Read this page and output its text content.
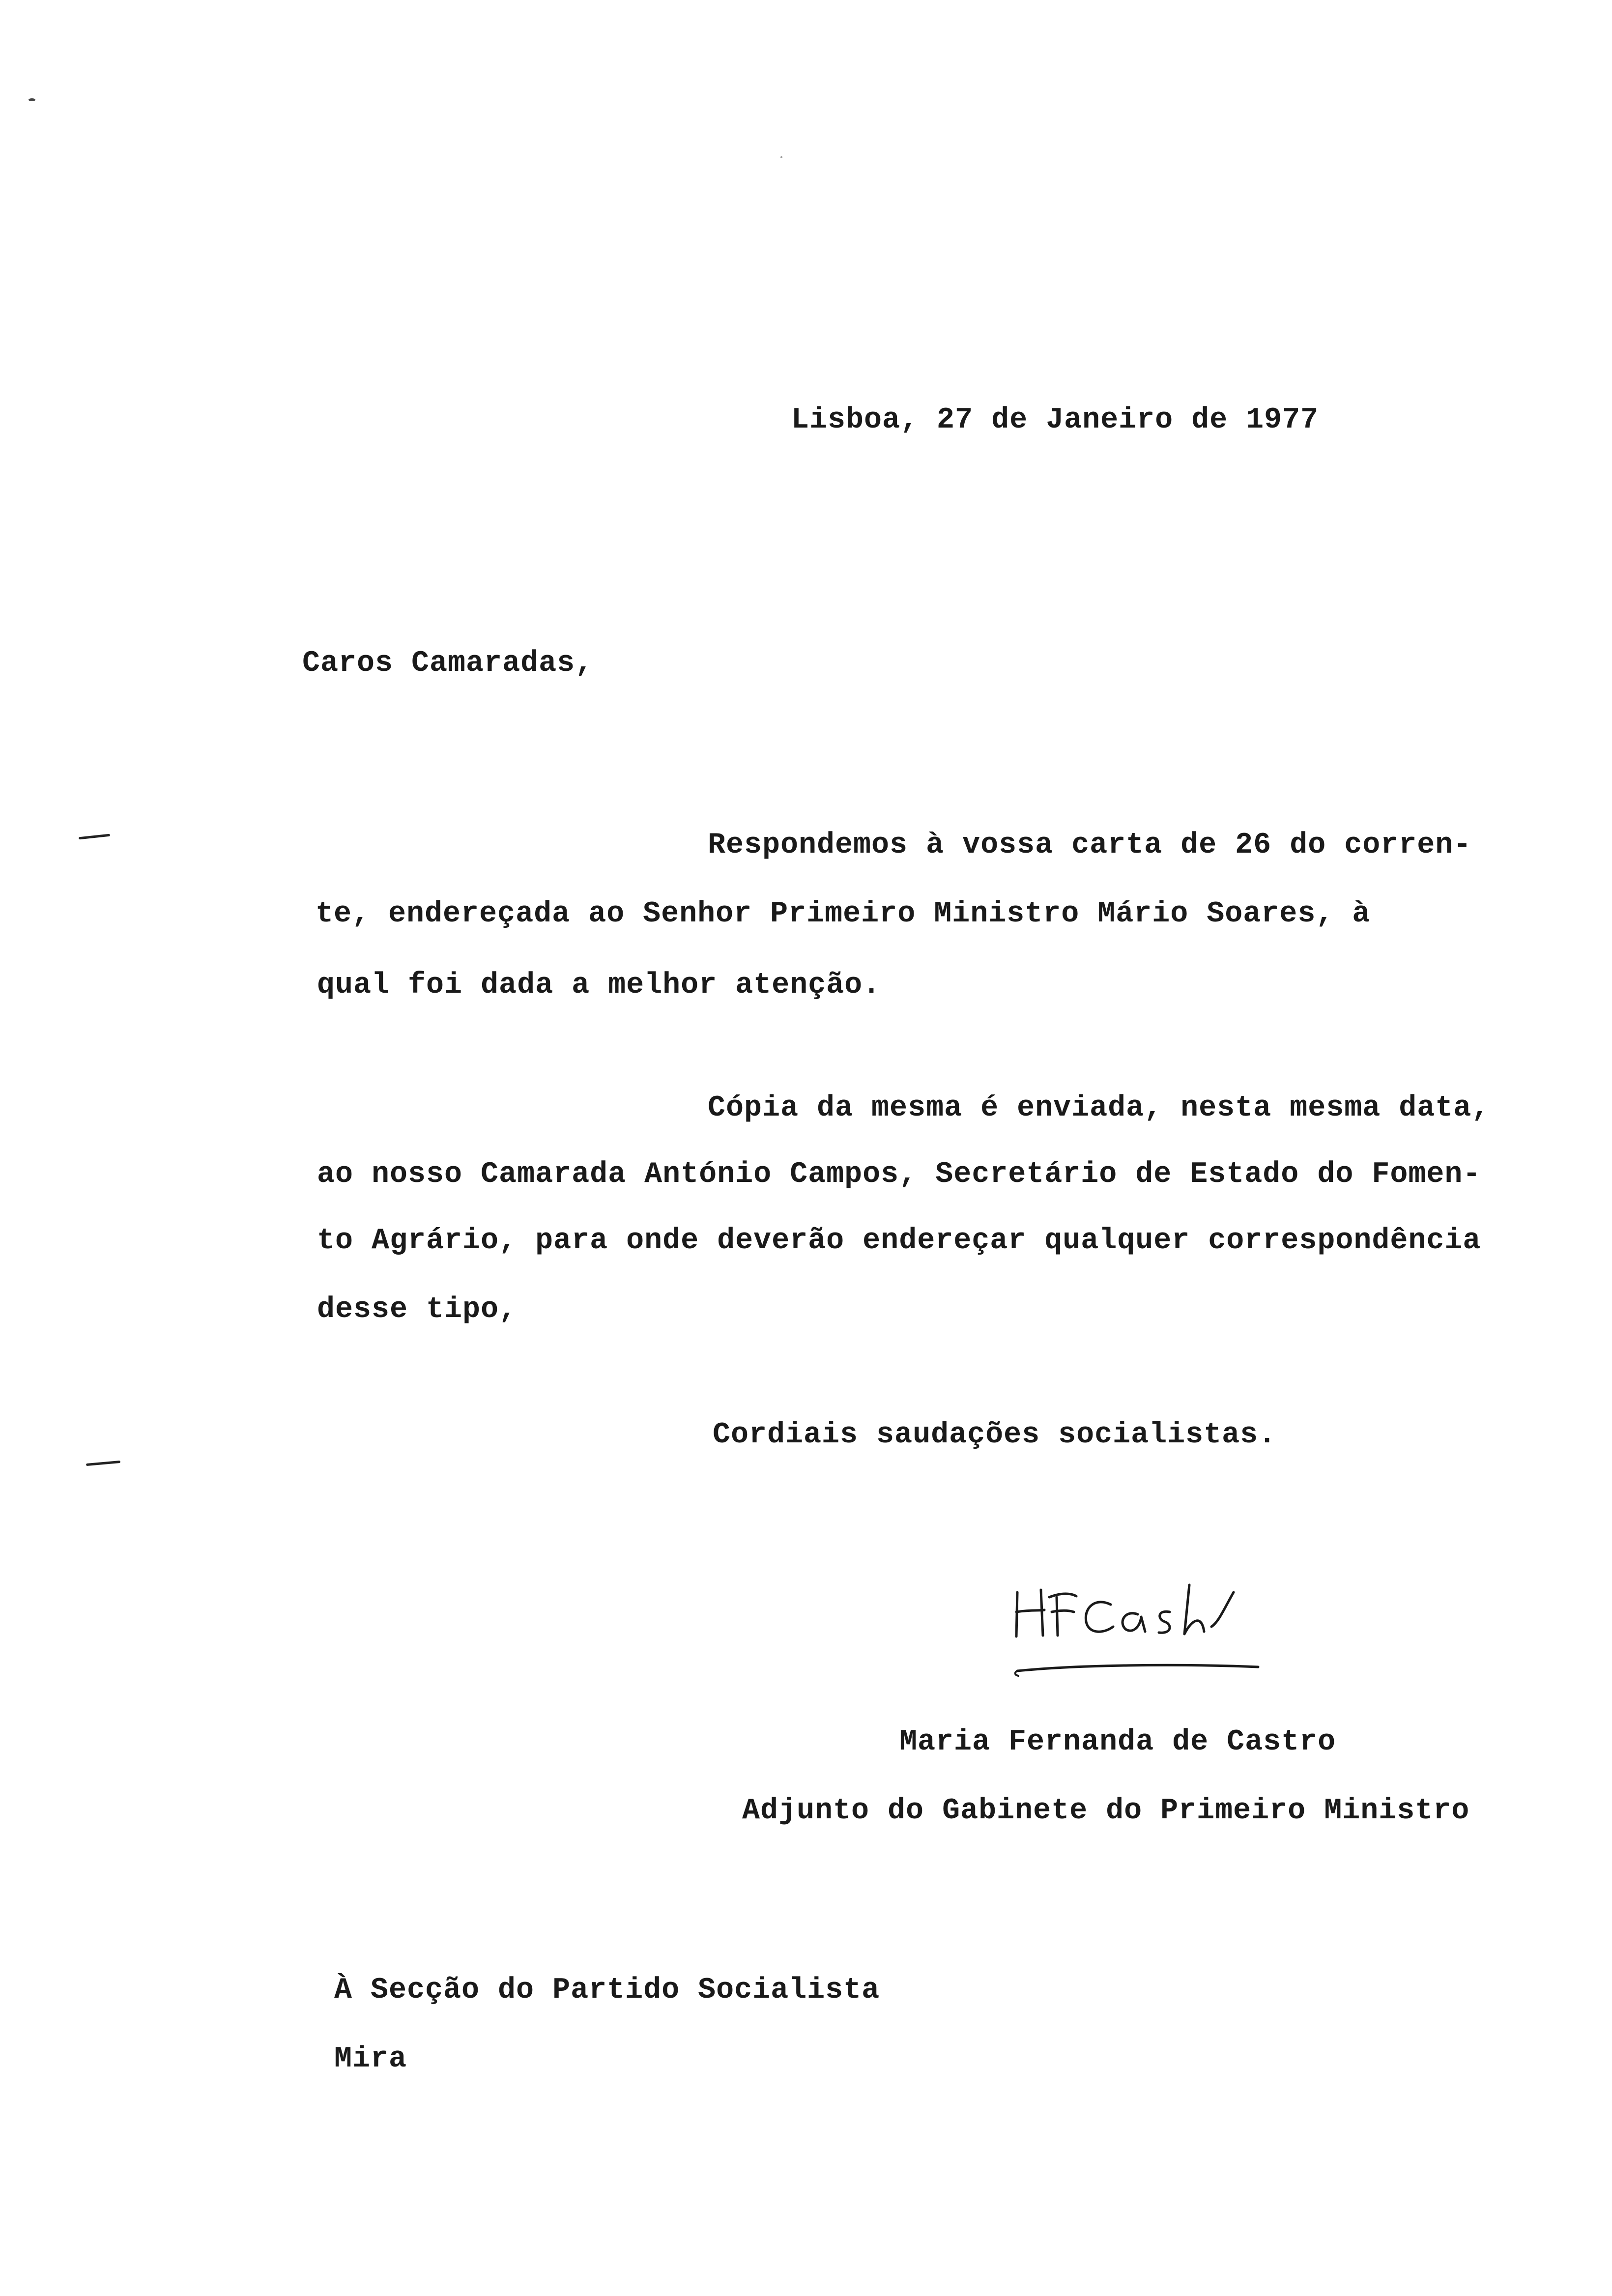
Lisboa, 27 de Janeiro de 1977
Caros Camaradas,
Respondemos à vossa carta de 26 do corren-
te, endereçada ao Senhor Primeiro Ministro Mário Soares, à
qual foi dada a melhor atenção.
Cópia da mesma é enviada, nesta mesma data,
ao nosso Camarada António Campos, Secretário de Estado do Fomen-
to Agrário, para onde deverão endereçar qualquer correspondência
desse tipo,
Cordiais saudações socialistas.
Maria Fernanda de Castro
Adjunto do Gabinete do Primeiro Ministro
À Secção do Partido Socialista
Mira
